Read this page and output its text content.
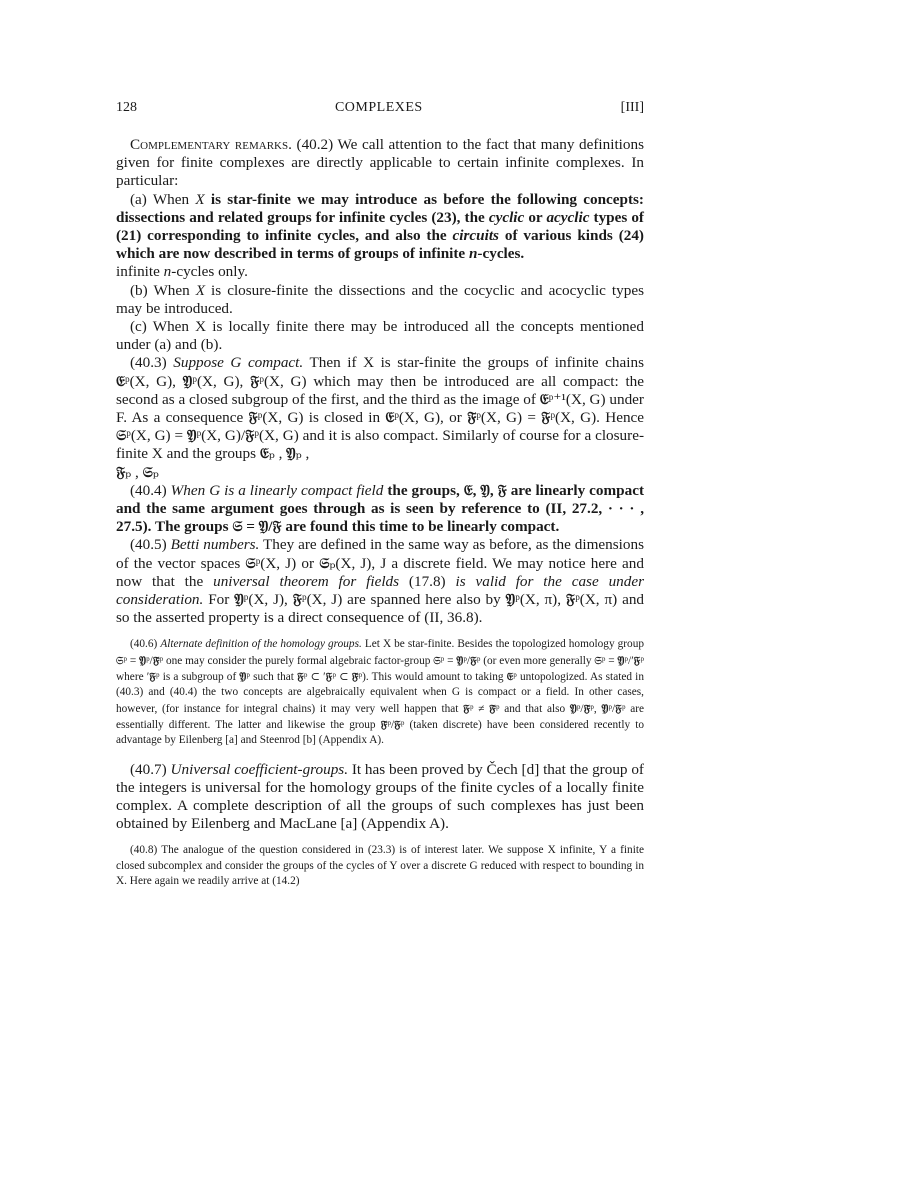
128	COMPLEXES	[III]

Complementary remarks. (40.2) We call attention to the fact that many definitions given for finite complexes are directly applicable to certain infinite complexes. In particular:

(a) When X is star-finite we may introduce as before the following concepts: dissections and related groups for infinite cycles (23), the cyclic or acyclic types of (21) corresponding to infinite cycles, and also the circuits of various kinds (24) which are now described in terms of groups of infinite n-cycles.

infinite n-cycles only.

(b) When X is closure-finite the dissections and the cocyclic and acocyclic types may be introduced.

(c) When X is locally finite there may be introduced all the concepts mentioned under (a) and (b).

(40.3) Suppose G compact. Then if X is star-finite the groups of infinite chains 𝔈ᵖ(X, G), 𝔜ᵖ(X, G), 𝔉ᵖ(X, G) which may then be introduced are all compact: the second as a closed subgroup of the first, and the third as the image of 𝔈ᵖ⁺¹(X, G) under F. As a consequence 𝔉ᵖ(X, G) is closed in 𝔈ᵖ(X, G), or 𝔉̄ᵖ(X, G) = 𝔉ᵖ(X, G). Hence 𝔖ᵖ(X, G) = 𝔜ᵖ(X, G)/𝔉ᵖ(X, G) and it is also compact. Similarly of course for a closure-finite X and the groups 𝔈ₚ , 𝔜ₚ ,
𝔉ₚ , 𝔖ₚ

(40.4) When G is a linearly compact field the groups, 𝔈, 𝔜, 𝔉 are linearly compact and the same argument goes through as is seen by reference to (II, 27.2, · · · , 27.5). The groups 𝔖 = 𝔜/𝔉 are found this time to be linearly compact.

(40.5) Betti numbers. They are defined in the same way as before, as the dimensions of the vector spaces 𝔖ᵖ(X, J) or 𝔖ₚ(X, J), J a discrete field. We may notice here and now that the universal theorem for fields (17.8) is valid for the case under consideration. For 𝔜ᵖ(X, J), 𝔉ᵖ(X, J) are spanned here also by 𝔜ᵖ(X, π), 𝔉ᵖ(X, π) and so the asserted property is a direct consequence of (II, 36.8).

(40.6) Alternate definition of the homology groups. Let X be star-finite. Besides the topologized homology group 𝔖ᵖ = 𝔜ᵖ/𝔉̄ᵖ one may consider the purely formal algebraic factor-group 𝔖ᵖ = 𝔜ᵖ/𝔉ᵖ (or even more generally 𝔖ᵖ = 𝔜ᵖ/′𝔉ᵖ where ′𝔉ᵖ is a subgroup of 𝔜ᵖ such that 𝔉ᵖ ⊂ ′𝔉ᵖ ⊂ 𝔉̄ᵖ). This would amount to taking 𝔈ᵖ untopologized. As stated in (40.3) and (40.4) the two concepts are algebraically equivalent when G is compact or a field. In other cases, however, (for instance for integral chains) it may very well happen that 𝔉ᵖ ≠ 𝔉̄ᵖ and that also 𝔜ᵖ/𝔉̄ᵖ, 𝔜ᵖ/𝔉ᵖ are essentially different. The latter and likewise the group 𝔉̄ᵖ/𝔉ᵖ (taken discrete) have been considered recently to advantage by Eilenberg [a] and Steenrod [b] (Appendix A).

(40.7) Universal coefficient-groups. It has been proved by Čech [d] that the group of the integers is universal for the homology groups of the finite cycles of a locally finite complex. A complete description of all the groups of such complexes has just been obtained by Eilenberg and MacLane [a] (Appendix A).

(40.8) The analogue of the question considered in (23.3) is of interest later. We suppose X infinite, Y a finite closed subcomplex and consider the groups of the cycles of Y over a discrete G reduced with respect to bounding in X. Here again we readily arrive at (14.2)
